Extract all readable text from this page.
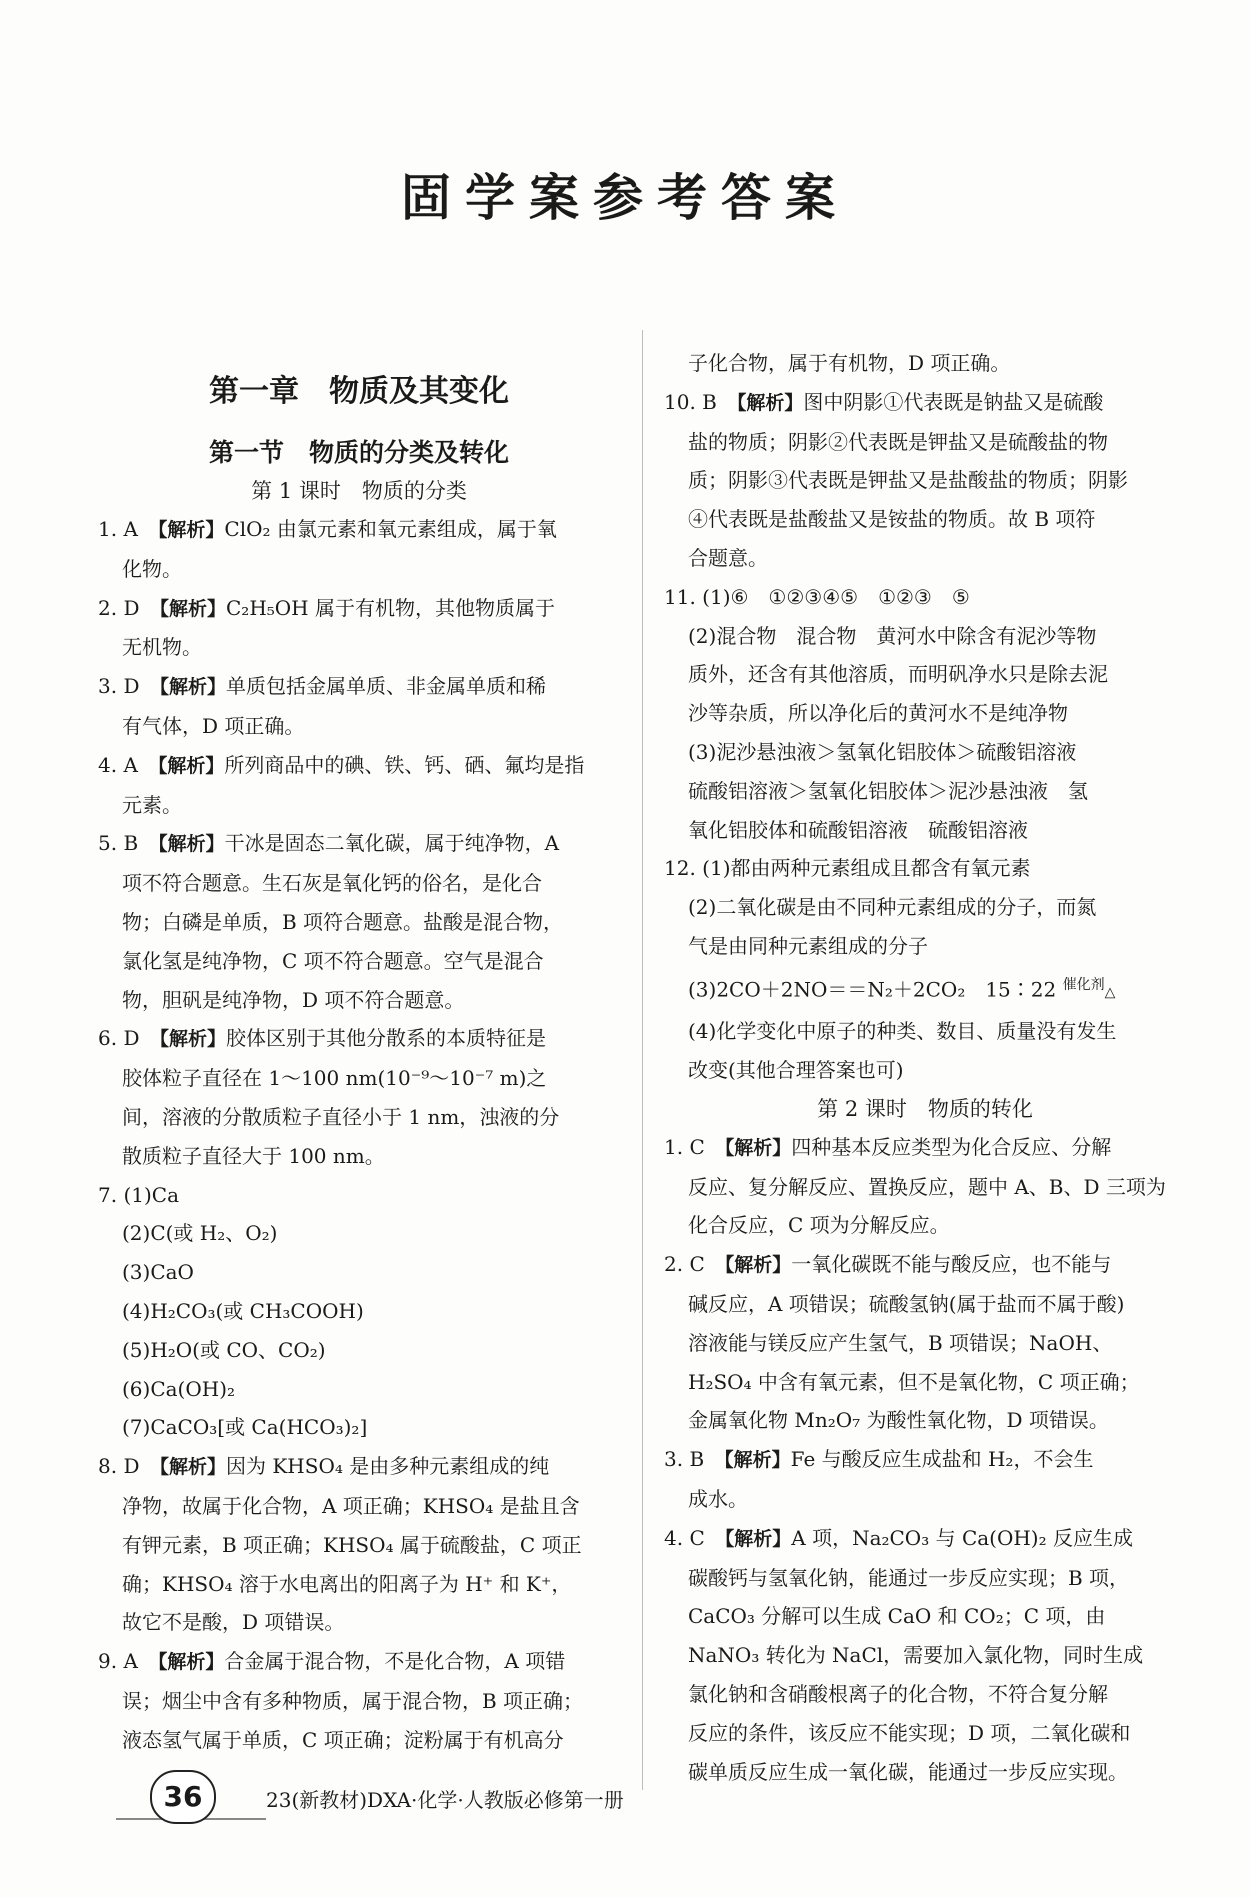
固学案参考答案
第一章　物质及其变化
第一节　物质的分类及转化
第 1 课时　物质的分类
1. A　 【解析】ClO₂ 由氯元素和氧元素组成，属于氧
化物。
2. D　 【解析】C₂H₅OH 属于有机物，其他物质属于
无机物。
3. D　 【解析】单质包括金属单质、非金属单质和稀
有气体，D 项正确。
4. A　 【解析】所列商品中的碘、铁、钙、硒、氟均是指
元素。
5. B　 【解析】干冰是固态二氧化碳，属于纯净物，A
项不符合题意。生石灰是氧化钙的俗名，是化合
物；白磷是单质，B 项符合题意。盐酸是混合物，
氯化氢是纯净物，C 项不符合题意。空气是混合
物，胆矾是纯净物，D 项不符合题意。
6. D　 【解析】胶体区别于其他分散系的本质特征是
胶体粒子直径在 1～100 nm(10⁻⁹～10⁻⁷ m)之
间，溶液的分散质粒子直径小于 1 nm，浊液的分
散质粒子直径大于 100 nm。
7. (1)Ca
(2)C(或 H₂、O₂)
(3)CaO
(4)H₂CO₃(或 CH₃COOH)
(5)H₂O(或 CO、CO₂)
(6)Ca(OH)₂
(7)CaCO₃[或 Ca(HCO₃)₂]
8. D　 【解析】因为 KHSO₄ 是由多种元素组成的纯
净物，故属于化合物，A 项正确；KHSO₄ 是盐且含
有钾元素，B 项正确；KHSO₄ 属于硫酸盐，C 项正
确；KHSO₄ 溶于水电离出的阳离子为 H⁺ 和 K⁺，
故它不是酸，D 项错误。
9. A　 【解析】合金属于混合物，不是化合物，A 项错
误；烟尘中含有多种物质，属于混合物，B 项正确；
液态氢气属于单质，C 项正确；淀粉属于有机高分
子化合物，属于有机物，D 项正确。
10. B　 【解析】图中阴影①代表既是钠盐又是硫酸
盐的物质；阴影②代表既是钾盐又是硫酸盐的物
质；阴影③代表既是钾盐又是盐酸盐的物质；阴影
④代表既是盐酸盐又是铵盐的物质。故 B 项符
合题意。
11. (1)⑥　①②③④⑤　①②③　⑤
(2)混合物　混合物　黄河水中除含有泥沙等物
质外，还含有其他溶质，而明矾净水只是除去泥
沙等杂质，所以净化后的黄河水不是纯净物
(3)泥沙悬浊液＞氢氧化铝胶体＞硫酸铝溶液
硫酸铝溶液＞氢氧化铝胶体＞泥沙悬浊液　氢
氧化铝胶体和硫酸铝溶液　硫酸铝溶液
12. (1)都由两种元素组成且都含有氧元素
(2)二氧化碳是由不同种元素组成的分子，而氮
气是由同种元素组成的分子
(3)2CO＋2NO＝＝N₂＋2CO₂　15∶22 $^{催化剂}$△
(4)化学变化中原子的种类、数目、质量没有发生
改变(其他合理答案也可)
第 2 课时　物质的转化
1. C　 【解析】四种基本反应类型为化合反应、分解
反应、复分解反应、置换反应，题中 A、B、D 三项为
化合反应，C 项为分解反应。
2. C　 【解析】一氧化碳既不能与酸反应，也不能与
碱反应，A 项错误；硫酸氢钠(属于盐而不属于酸)
溶液能与镁反应产生氢气，B 项错误；NaOH、
H₂SO₄ 中含有氧元素，但不是氧化物，C 项正确；
金属氧化物 Mn₂O₇ 为酸性氧化物，D 项错误。
3. B　 【解析】Fe 与酸反应生成盐和 H₂，不会生
成水。
4. C　 【解析】A 项，Na₂CO₃ 与 Ca(OH)₂ 反应生成
碳酸钙与氢氧化钠，能通过一步反应实现；B 项，
CaCO₃ 分解可以生成 CaO 和 CO₂；C 项，由
NaNO₃ 转化为 NaCl，需要加入氯化物，同时生成
氯化钠和含硝酸根离子的化合物，不符合复分解
反应的条件，该反应不能实现；D 项，二氧化碳和
碳单质反应生成一氧化碳，能通过一步反应实现。
36	23(新教材)DXA·化学·人教版必修第一册
